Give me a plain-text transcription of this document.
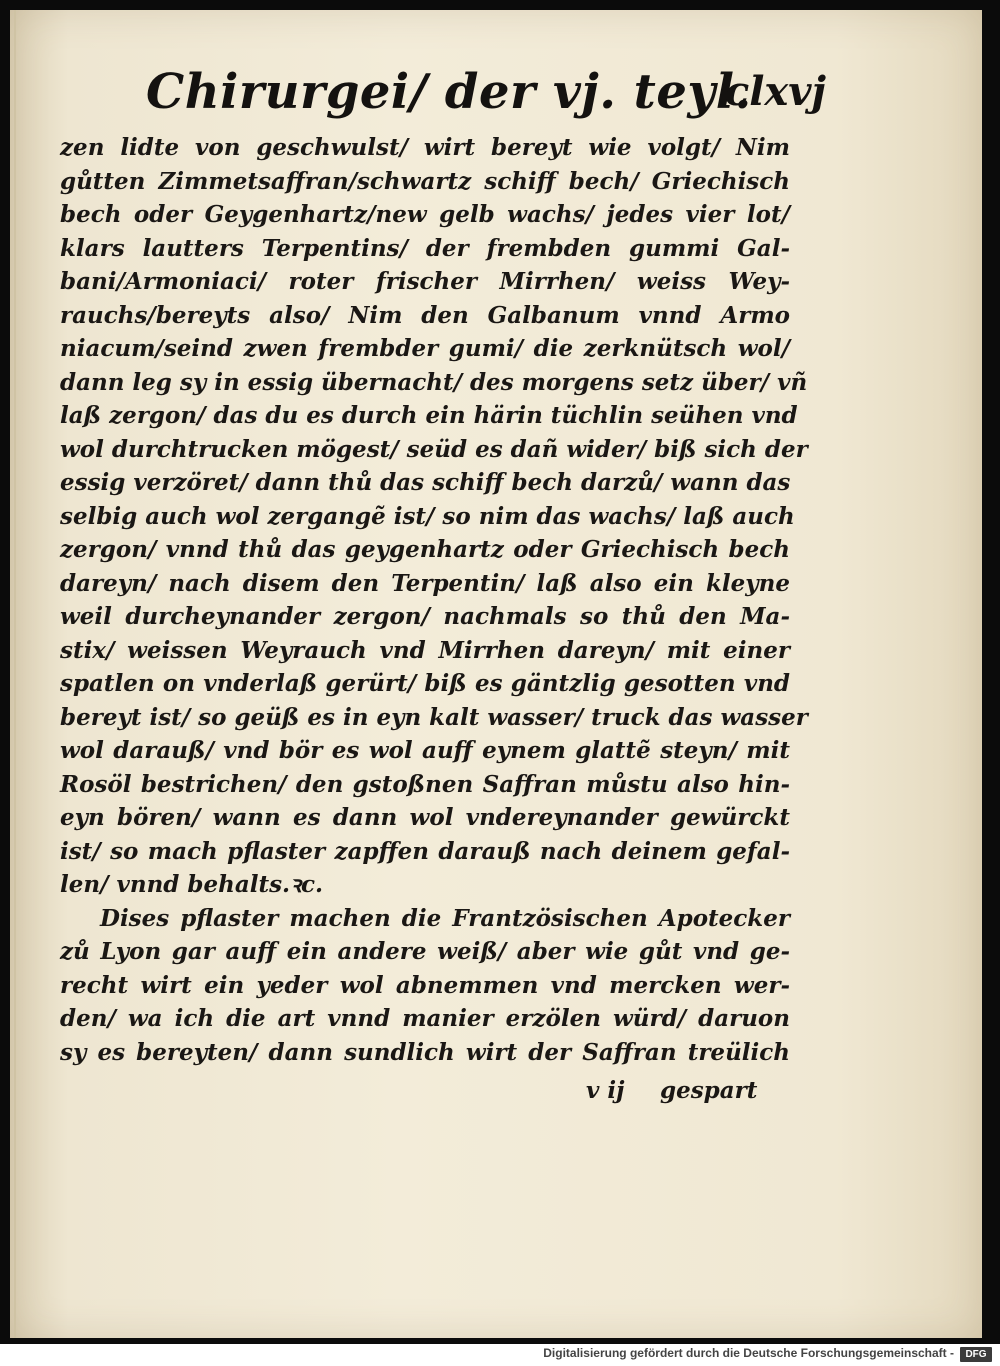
Chirurgei/ der vj. teyl.
clxvj
zen lidte von geschwulst/ wirt bereyt wie volgt/ Nim
gůtten Zimmetsaffran/schwartz schiff bech/ Griechisch
bech oder Geygenhartz/new gelb wachs/ jedes vier lot/
klars lautters Terpentins/ der frembden gummi Gal-
bani/Armoniaci/ roter frischer Mirrhen/ weiss Wey-
rauchs/bereyts also/ Nim den Galbanum vnnd Armo
niacum/seind zwen frembder gumi/ die zerknütsch wol/
dann leg sy in essig übernacht/ des morgens setz über/ vñ
laß zergon/ das du es durch ein härin tüchlin seühen vnd
wol durchtrucken mögest/ seüd es dañ wider/ biß sich der
essig verzöret/ dann thů das schiff bech darzů/ wann das
selbig auch wol zergangẽ ist/ so nim das wachs/ laß auch
zergon/ vnnd thů das geygenhartz oder Griechisch bech
dareyn/ nach disem den Terpentin/ laß also ein kleyne
weil durcheynander zergon/ nachmals so thů den Ma-
stix/ weissen Weyrauch vnd Mirrhen dareyn/ mit einer
spatlen on vnderlaß gerürt/ biß es gäntzlig gesotten vnd
bereyt ist/ so geüß es in eyn kalt wasser/ truck das wasser
wol darauß/ vnd bör es wol auff eynem glattẽ steyn/ mit
Rosöl bestrichen/ den gstoßnen Saffran můstu also hin-
eyn bören/ wann es dann wol vndereynander gewürckt
ist/ so mach pflaster zapffen darauß nach deinem gefal-
len/ vnnd behalts.ꝛc.
Dises pflaster machen die Frantzösischen Apotecker
zů Lyon gar auff ein andere weiß/ aber wie gůt vnd ge-
recht wirt ein yeder wol abnemmen vnd mercken wer-
den/ wa ich die art vnnd manier erzölen würd/ daruon
sy es bereyten/ dann sundlich wirt der Saffran treülich
v ij gespart
Digitalisierung gefördert durch die Deutsche Forschungsgemeinschaft -	DFG
